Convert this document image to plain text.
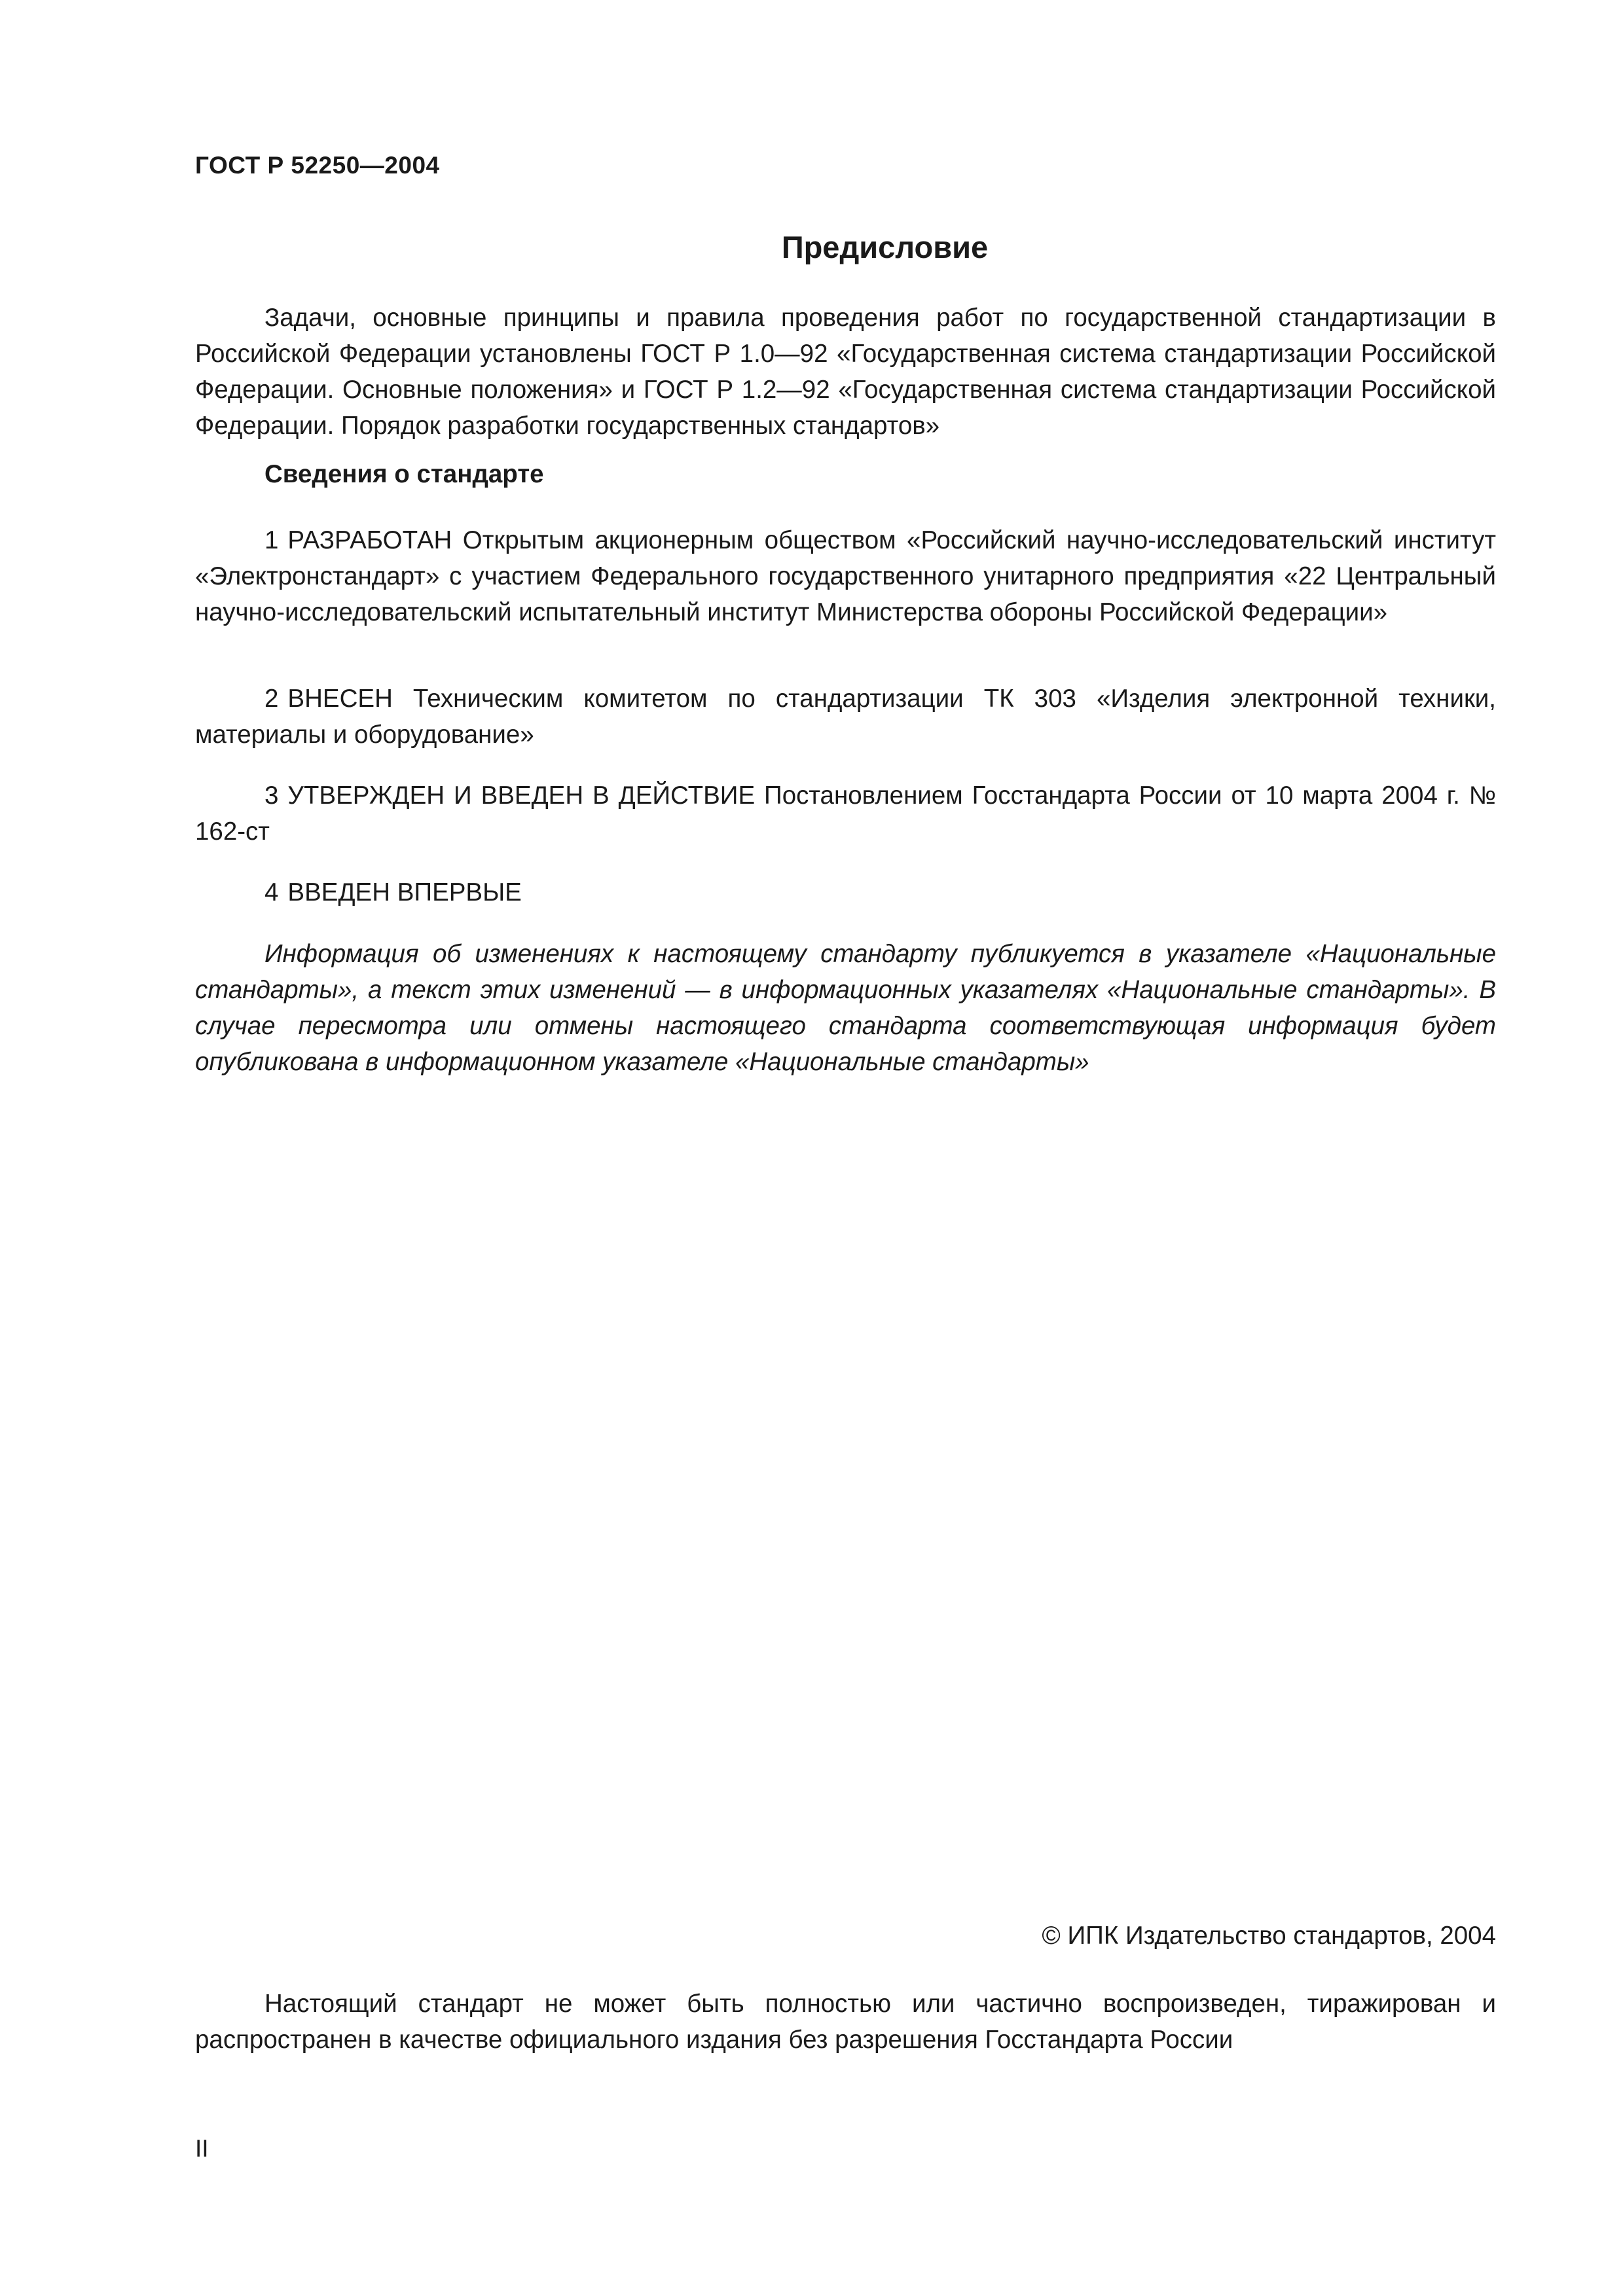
ГОСТ Р 52250—2004
Предисловие
Задачи, основные принципы и правила проведения работ по государственной стандартизации в Российской Федерации установлены ГОСТ Р 1.0—92 «Государственная система стандартизации Российской Федерации. Основные положения» и ГОСТ Р 1.2—92 «Государственная система стандартизации Российской Федерации. Порядок разработки государственных стандартов»
Сведения о стандарте
1 РАЗРАБОТАН Открытым акционерным обществом «Российский научно-исследовательский институт «Электронстандарт» с участием Федерального государственного унитарного предприятия «22 Центральный научно-исследовательский испытательный институт Министерства обороны Российской Федерации»
2 ВНЕСЕН Техническим комитетом по стандартизации ТК 303 «Изделия электронной техники, материалы и оборудование»
3 УТВЕРЖДЕН И ВВЕДЕН В ДЕЙСТВИЕ Постановлением Госстандарта России от 10 марта 2004 г. № 162-ст
4 ВВЕДЕН ВПЕРВЫЕ
Информация об изменениях к настоящему стандарту публикуется в указателе «Национальные стандарты», а текст этих изменений — в информационных указателях «Национальные стандарты». В случае пересмотра или отмены настоящего стандарта соответствующая информация будет опубликована в информационном указателе «Национальные стандарты»
© ИПК Издательство стандартов, 2004
Настоящий стандарт не может быть полностью или частично воспроизведен, тиражирован и распространен в качестве официального издания без разрешения Госстандарта России
II
